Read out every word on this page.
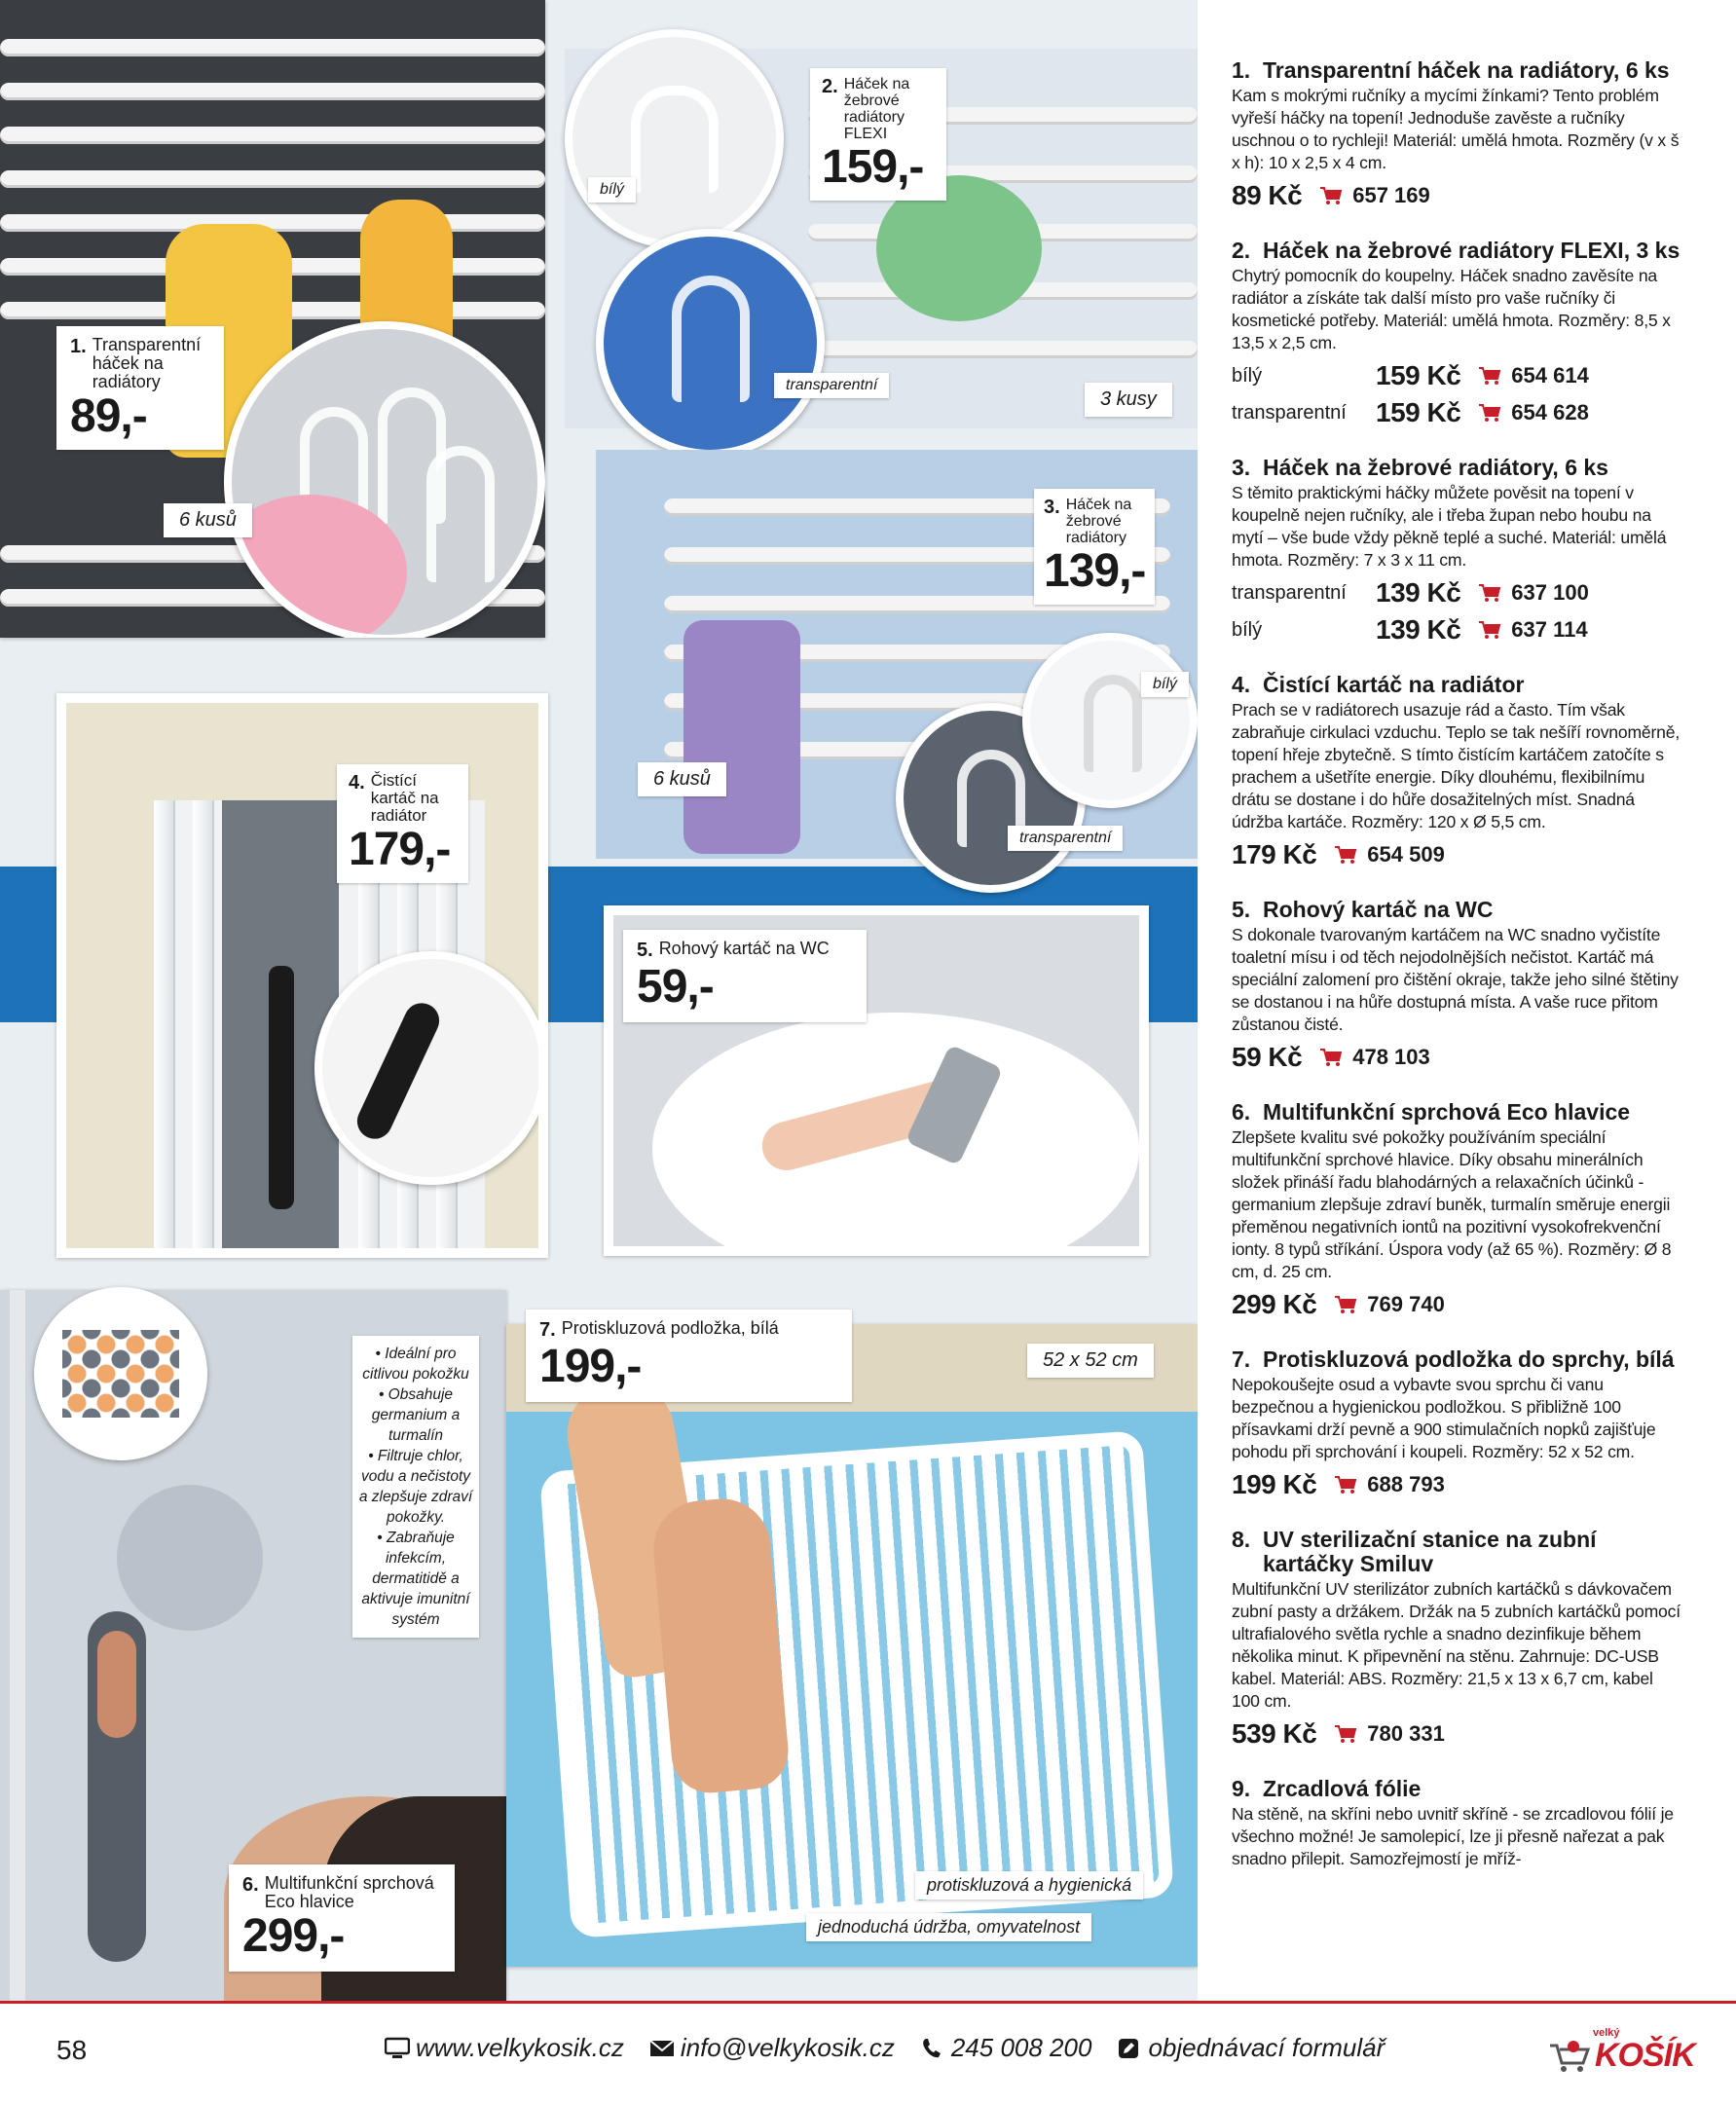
1. Transparentní háček na radiátory
89,-
6 kusů
2. Háček na žebrové radiátory FLEXI
159,-
bílý
transparentní
3 kusy
3. Háček na žebrové radiátory
139,-
6 kusů
bílý
transparentní
4. Čistící kartáč na radiátor
179,-
5. Rohový kartáč na WC
59,-
• Ideální pro citlivou pokožku
• Obsahuje germanium a turmalín
• Filtruje chlor, vodu a nečistoty a zlepšuje zdraví pokožky.
• Zabraňuje infekcím, dermatitidě a aktivuje imunitní systém
6. Multifunkční sprchová Eco hlavice
299,-
7. Protiskluzová podložka, bílá
199,-	52 x 52 cm
protiskluzová a hygienická
jednoduchá údržba, omyvatelnost
1. Transparentní háček na radiátory, 6 ks

Kam s mokrými ručníky a mycími žínkami? Tento problém vyřeší háčky na topení! Jednoduše zavěste a ručníky uschnou o to rychleji! Materiál: umělá hmota. Rozměry (v x š x h): 10 x 2,5 x 4 cm.

89 Kč 657 169
2. Háček na žebrové radiátory FLEXI, 3 ks

Chytrý pomocník do koupelny. Háček snadno zavěsíte na radiátor a získáte tak další místo pro vaše ručníky či kosmetické potřeby. Materiál: umělá hmota. Rozměry: 8,5 x 13,5 x 2,5 cm.

bílý	159 Kč 654 614
transparentní	159 Kč 654 628
3. Háček na žebrové radiátory, 6 ks

S těmito praktickými háčky můžete pověsit na topení v koupelně nejen ručníky, ale i třeba župan nebo houbu na mytí – vše bude vždy pěkně teplé a suché. Materiál: umělá hmota. Rozměry: 7 x 3 x 11 cm.

transparentní	139 Kč 637 100
bílý	139 Kč 637 114
4. Čistící kartáč na radiátor

Prach se v radiátorech usazuje rád a často. Tím však zabraňuje cirkulaci vzduchu. Teplo se tak nešíří rovnoměrně, topení hřeje zbytečně. S tímto čistícím kartáčem zatočíte s prachem a ušetříte energie. Díky dlouhému, flexibilnímu drátu se dostane i do hůře dosažitelných míst. Snadná údržba kartáče. Rozměry: 120 x Ø 5,5 cm.

179 Kč 654 509
5. Rohový kartáč na WC

S dokonale tvarovaným kartáčem na WC snadno vyčistíte toaletní mísu i od těch nejodolnějších nečistot. Kartáč má speciální zalomení pro čištění okraje, takže jeho silné štětiny se dostanou i na hůře dostupná místa. A vaše ruce přitom zůstanou čisté.

59 Kč 478 103
6. Multifunkční sprchová Eco hlavice

Zlepšete kvalitu své pokožky používáním speciální multifunkční sprchové hlavice. Díky obsahu minerálních složek přináší řadu blahodárných a relaxačních účinků - germanium zlepšuje zdraví buněk, turmalín směruje energii přeměnou negativních iontů na pozitivní vysokofrekvenční ionty. 8 typů stříkání. Úspora vody (až 65 %). Rozměry: Ø 8 cm, d. 25 cm.

299 Kč 769 740
7. Protiskluzová podložka do sprchy, bílá

Nepokoušejte osud a vybavte svou sprchu či vanu bezpečnou a hygienickou podložkou. S přibližně 100 přísavkami drží pevně a 900 stimulačních nopků zajišťuje pohodu při sprchování i koupeli. Rozměry: 52 x 52 cm.

199 Kč 688 793
8. UV sterilizační stanice na zubní kartáčky Smiluv

Multifunkční UV sterilizátor zubních kartáčků s dávkovačem zubní pasty a držákem. Držák na 5 zubních kartáčků pomocí ultrafialového světla rychle a snadno dezinfikuje během několika minut. K připevnění na stěnu. Zahrnuje: DC-USB kabel. Materiál: ABS. Rozměry: 21,5 x 13 x 6,7 cm, kabel 100 cm.

539 Kč 780 331
9. Zrcadlová fólie

Na stěně, na skříni nebo uvnitř skříně - se zrcadlovou fólií je všechno možné! Je samolepicí, lze ji přesně nařezat a pak snadno přilepit. Samozřejmostí je mříž-

58	www.velkykosik.cz info@velkykosik.cz 245 008 200 objednávací formulář	velký
KOŠÍK
